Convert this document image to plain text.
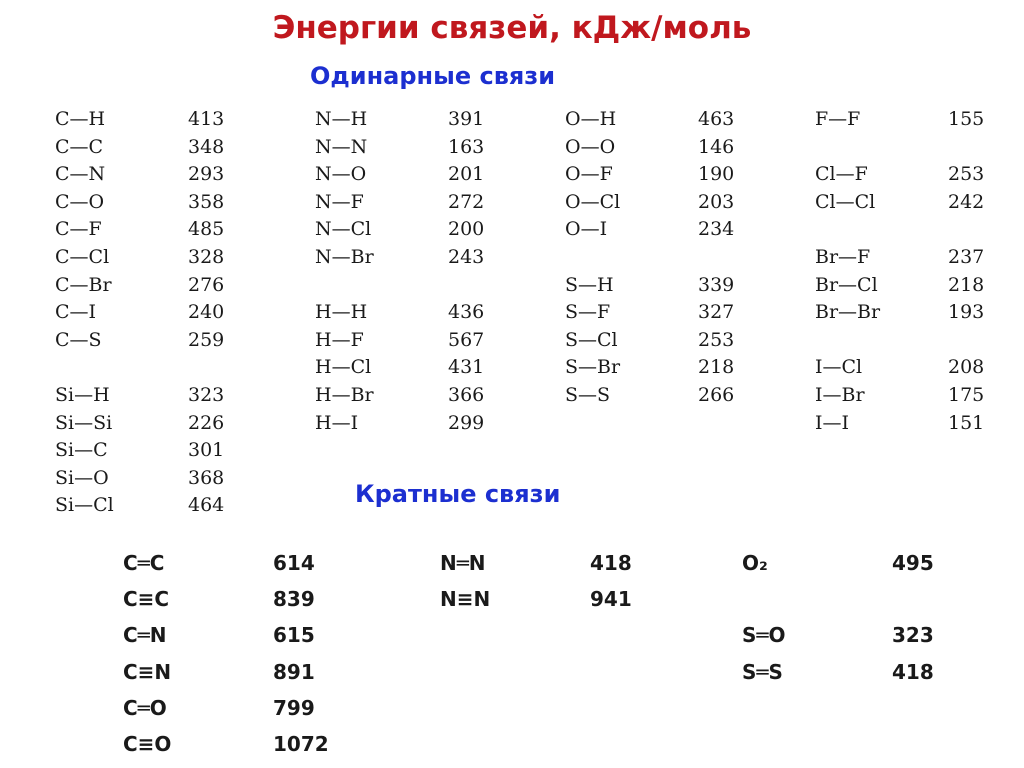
Энергии связей, кДж/моль
Одинарные связи
Кратные связи
C—H	413
C—C	348
C—N	293
C—O	358
C—F	485
C—Cl	328
C—Br	276
C—I	240
C—S	259
Si—H	323
Si—Si	226
Si—C	301
Si—O	368
Si—Cl	464
N—H	391
N—N	163
N—O	201
N—F	272
N—Cl	200
N—Br	243
H—H	436
H—F	567
H—Cl	431
H—Br	366
H—I	299
O—H	463
O—O	146
O—F	190
O—Cl	203
O—I	234
S—H	339
S—F	327
S—Cl	253
S—Br	218
S—S	266
F—F	155
Cl—F	253
Cl—Cl	242
Br—F	237
Br—Cl	218
Br—Br	193
I—Cl	208
I—Br	175
I—I	151
C═C	614
C≡C	839
C═N	615
C≡N	891
C═O	799
C≡O	1072
N═N	418
N≡N	941
O₂	495
S═O	323
S═S	418
